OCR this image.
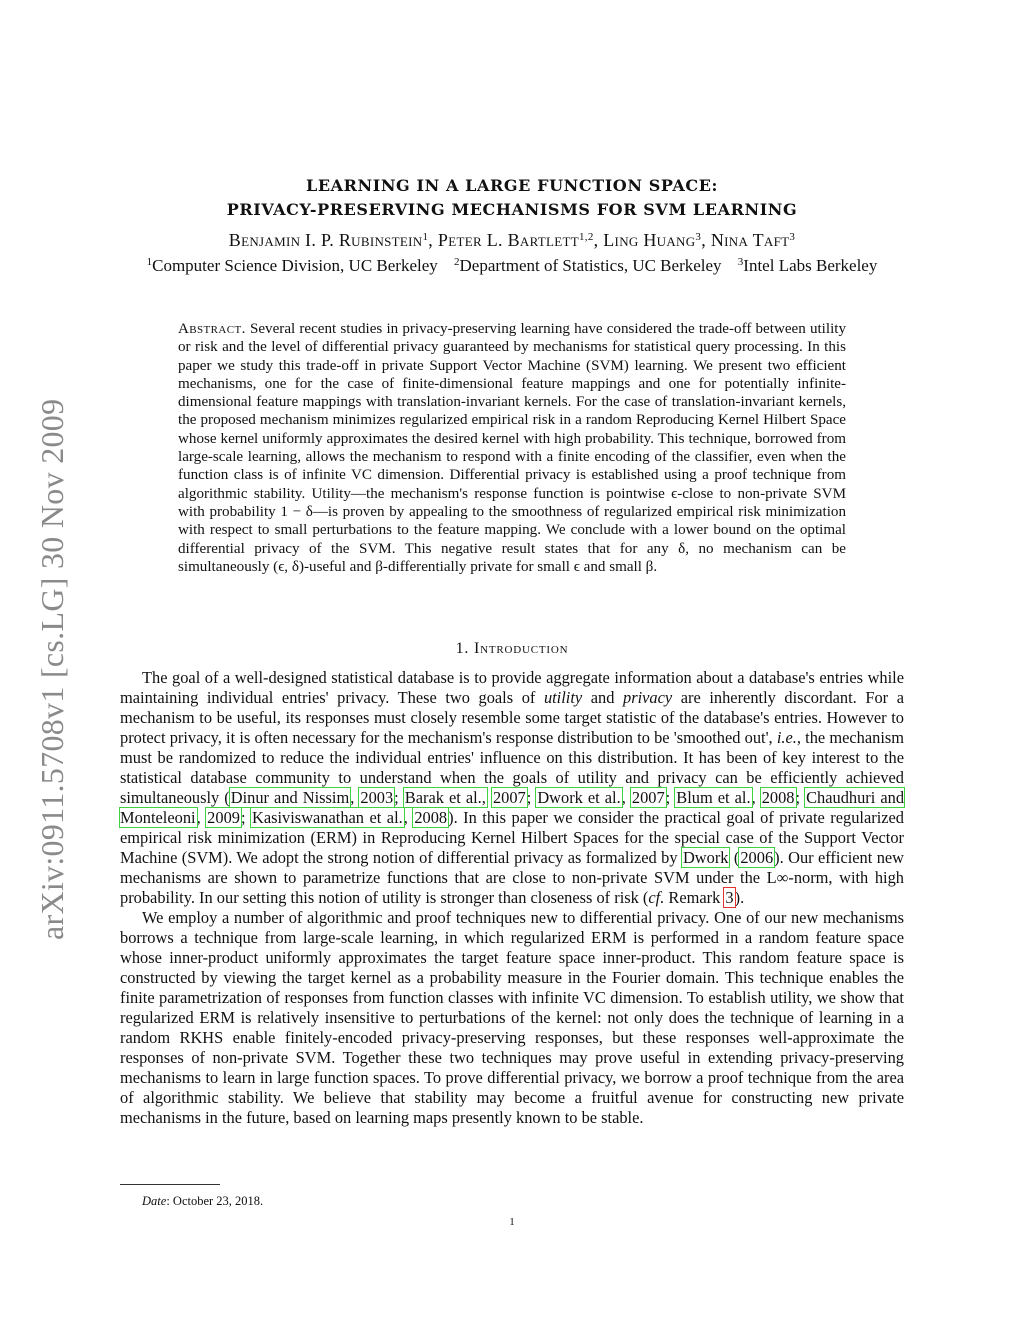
arXiv:0911.5708v1 [cs.LG] 30 Nov 2009
LEARNING IN A LARGE FUNCTION SPACE:
PRIVACY-PRESERVING MECHANISMS FOR SVM LEARNING
Benjamin I. P. Rubinstein$^1$, Peter L. Bartlett$^{1,2}$, Ling Huang$^3$, Nina Taft$^3$
$^1$Computer Science Division, UC Berkeley $^2$Department of Statistics, UC Berkeley $^3$Intel Labs Berkeley
Abstract. Several recent studies in privacy-preserving learning have considered the trade-off between utility or risk and the level of differential privacy guaranteed by mechanisms for statistical query processing. In this paper we study this trade-off in private Support Vector Machine (SVM) learning. We present two efficient mechanisms, one for the case of finite-dimensional feature mappings and one for potentially infinite-dimensional feature mappings with translation-invariant kernels. For the case of translation-invariant kernels, the proposed mechanism minimizes regularized empirical risk in a random Reproducing Kernel Hilbert Space whose kernel uniformly approximates the desired kernel with high probability. This technique, borrowed from large-scale learning, allows the mechanism to respond with a finite encoding of the classifier, even when the function class is of infinite VC dimension. Differential privacy is established using a proof technique from algorithmic stability. Utility—the mechanism's response function is pointwise ϵ-close to non-private SVM with probability 1 − δ—is proven by appealing to the smoothness of regularized empirical risk minimization with respect to small perturbations to the feature mapping. We conclude with a lower bound on the optimal differential privacy of the SVM. This negative result states that for any δ, no mechanism can be simultaneously (ϵ, δ)-useful and β-differentially private for small ϵ and small β.
1. Introduction

The goal of a well-designed statistical database is to provide aggregate information about a database's entries while maintaining individual entries' privacy. These two goals of utility and privacy are inherently discordant. For a mechanism to be useful, its responses must closely resemble some target statistic of the database's entries. However to protect privacy, it is often necessary for the mechanism's response distribution to be 'smoothed out', i.e., the mechanism must be randomized to reduce the individual entries' influence on this distribution. It has been of key interest to the statistical database community to understand when the goals of utility and privacy can be efficiently achieved simultaneously (Dinur and Nissim, 2003; Barak et al., 2007; Dwork et al., 2007; Blum et al., 2008; Chaudhuri and Monteleoni, 2009; Kasiviswanathan et al., 2008). In this paper we consider the practical goal of private regularized empirical risk minimization (ERM) in Reproducing Kernel Hilbert Spaces for the special case of the Support Vector Machine (SVM). We adopt the strong notion of differential privacy as formalized by Dwork (2006). Our efficient new mechanisms are shown to parametrize functions that are close to non-private SVM under the L∞-norm, with high probability. In our setting this notion of utility is stronger than closeness of risk (cf. Remark 3).

We employ a number of algorithmic and proof techniques new to differential privacy. One of our new mechanisms borrows a technique from large-scale learning, in which regularized ERM is performed in a random feature space whose inner-product uniformly approximates the target feature space inner-product. This random feature space is constructed by viewing the target kernel as a probability measure in the Fourier domain. This technique enables the finite parametrization of responses from function classes with infinite VC dimension. To establish utility, we show that regularized ERM is relatively insensitive to perturbations of the kernel: not only does the technique of learning in a random RKHS enable finitely-encoded privacy-preserving responses, but these responses well-approximate the responses of non-private SVM. Together these two techniques may prove useful in extending privacy-preserving mechanisms to learn in large function spaces. To prove differential privacy, we borrow a proof technique from the area of algorithmic stability. We believe that stability may become a fruitful avenue for constructing new private mechanisms in the future, based on learning maps presently known to be stable.

Date: October 23, 2018.
1
